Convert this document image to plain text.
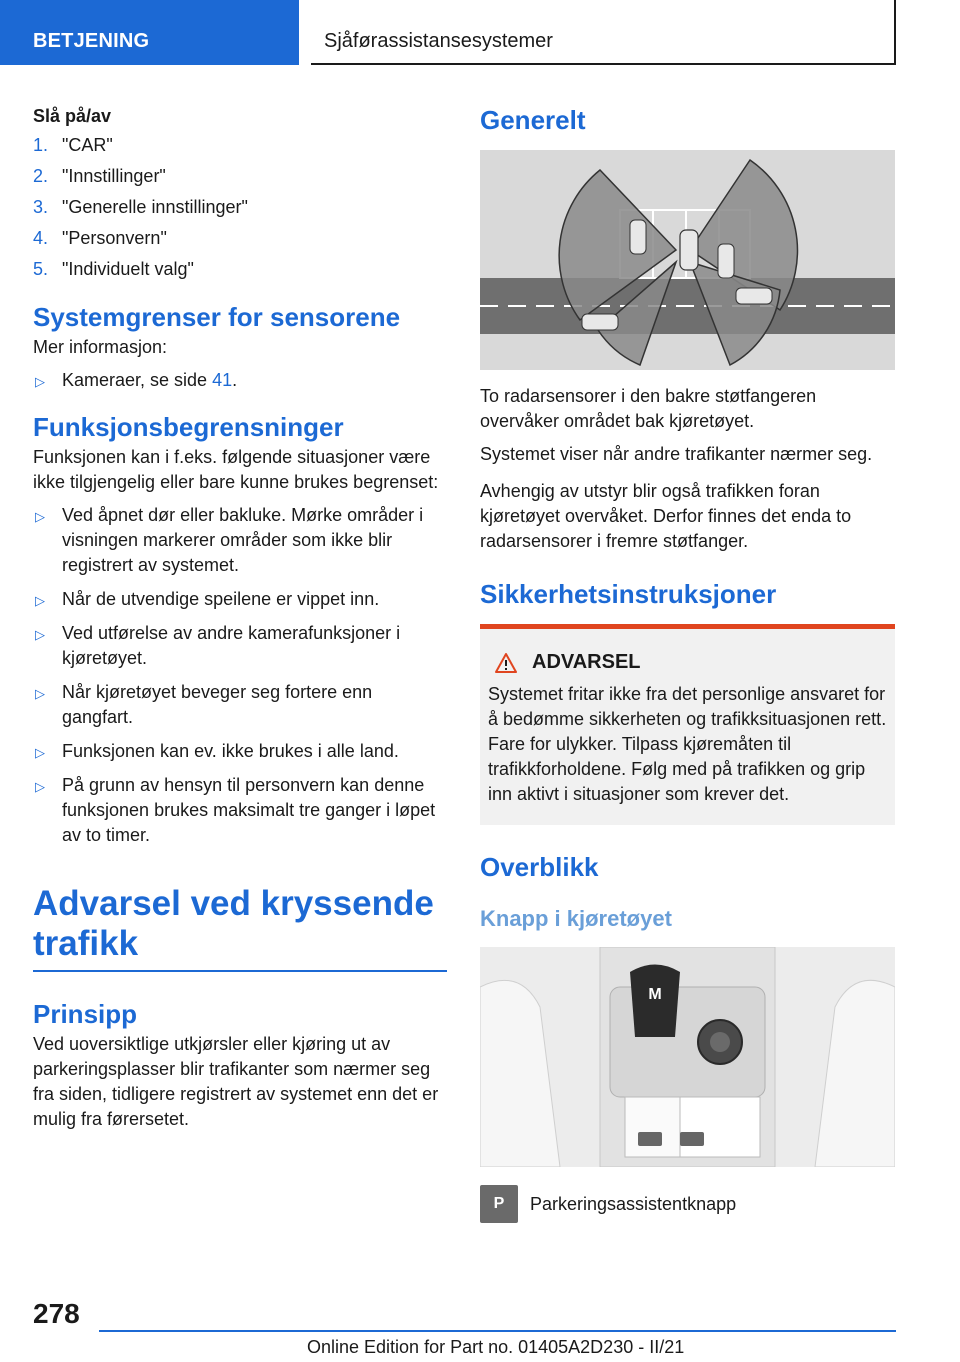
BETJENING	Sjåførassistansesystemer
Slå på/av
1. "CAR"
2. "Innstillinger"
3. "Generelle innstillinger"
4. "Personvern"
5. "Individuelt valg"
Systemgrenser for sensorene
Mer informasjon:
▷ Kameraer, se side 41.
Funksjonsbegrensninger
Funksjonen kan i f.eks. følgende situasjoner være ikke tilgjengelig eller bare kunne brukes begrenset:
▷ Ved åpnet dør eller bakluke. Mørke områder i visningen markerer områder som ikke blir registrert av systemet.
▷ Når de utvendige speilene er vippet inn.
▷ Ved utførelse av andre kamerafunksjoner i kjøretøyet.
▷ Når kjøretøyet beveger seg fortere enn gangfart.
▷ Funksjonen kan ev. ikke brukes i alle land.
▷ På grunn av hensyn til personvern kan denne funksjonen brukes maksimalt tre ganger i løpet av to timer.
Advarsel ved kryssende trafikk
Prinsipp
Ved uoversiktlige utkjørsler eller kjøring ut av parkeringsplasser blir trafikanter som nærmer seg fra siden, tidligere registrert av systemet enn det er mulig fra førersetet.
Generelt
To radarsensorer i den bakre støtfangeren overvåker området bak kjøretøyet.
Systemet viser når andre trafikanter nærmer seg.
Avhengig av utstyr blir også trafikken foran kjøretøyet overvåket. Derfor finnes det enda to radarsensorer i fremre støtfanger.
Sikkerhetsinstruksjoner
ADVARSEL
Systemet fritar ikke fra det personlige ansvaret for å bedømme sikkerheten og trafikksituasjonen rett. Fare for ulykker. Tilpass kjøremåten til trafikkforholdene. Følg med på trafikken og grip inn aktivt i situasjoner som krever det.
Overblikk
Knapp i kjøretøyet
M
P	Parkeringsassistentknapp
278
Online Edition for Part no. 01405A2D230 - II/21
